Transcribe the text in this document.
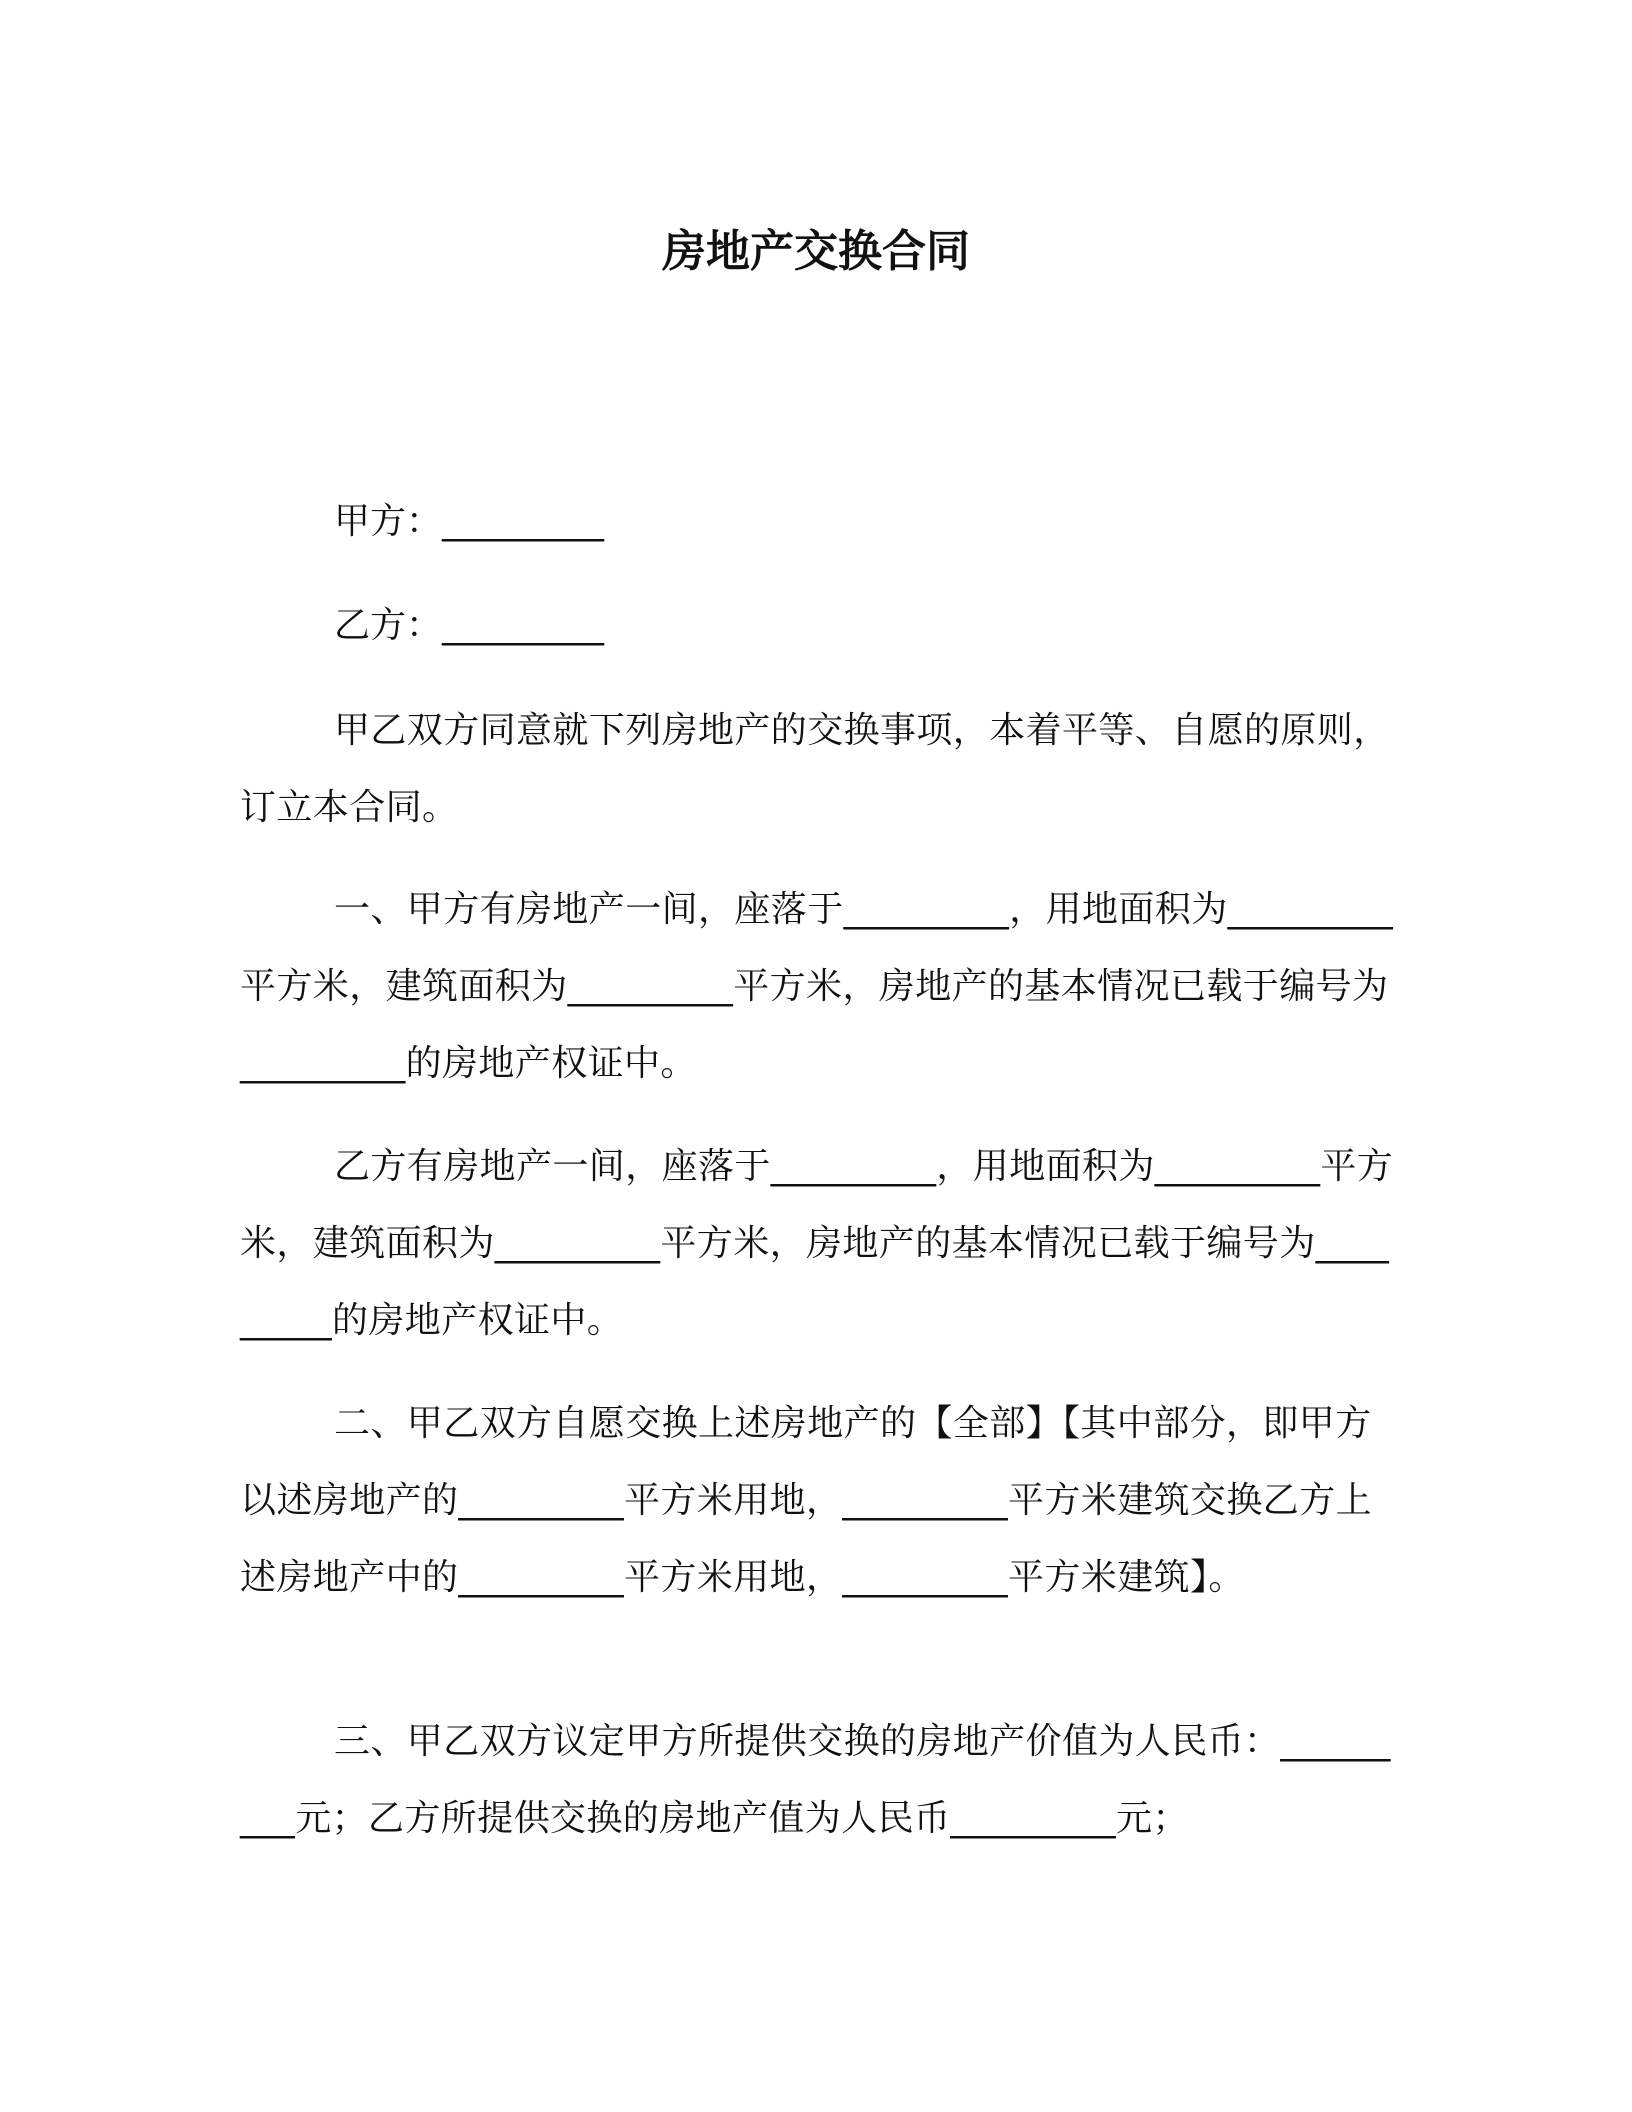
房地产交换合同
甲方：_________
乙方：_________
甲乙双方同意就下列房地产的交换事项，本着平等、自愿的原则，订立本合同。
一、甲方有房地产一间，座落于_________，用地面积为_________平方米，建筑面积为_________平方米，房地产的基本情况已载于编号为_________的房地产权证中。
乙方有房地产一间，座落于_________，用地面积为_________平方米，建筑面积为_________平方米，房地产的基本情况已载于编号为_________的房地产权证中。
二、甲乙双方自愿交换上述房地产的【全部】【其中部分，即甲方以述房地产的_________平方米用地，_________平方米建筑交换乙方上述房地产中的_________平方米用地，_________平方米建筑】。
三、甲乙双方议定甲方所提供交换的房地产价值为人民币：_________元；乙方所提供交换的房地产值为人民币_________元；
